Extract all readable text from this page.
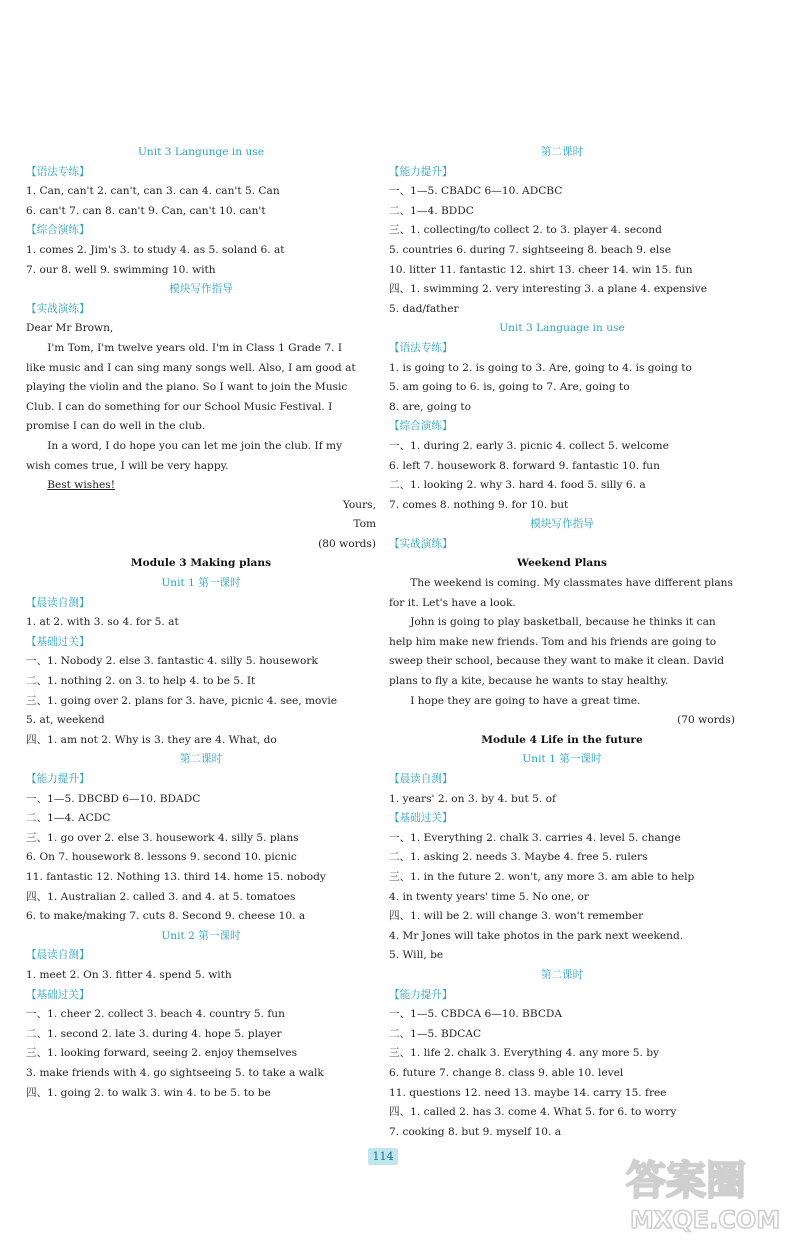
Unit 3 Langunge in use
【语法专练】
1. Can, can't 2. can't, can 3. can 4. can't 5. Can
6. can't 7. can 8. can't 9. Can, can't 10. can't
【综合演练】
1. comes 2. Jim's 3. to study 4. as 5. soland 6. at
7. our 8. well 9. swimming 10. with
模块写作指导
【实战演练】
Dear Mr Brown,
I'm Tom, I'm twelve years old. I'm in Class 1 Grade 7. I
like music and I can sing many songs well. Also, I am good at
playing the violin and the piano. So I want to join the Music
Club. I can do something for our School Music Festival. I
promise I can do well in the club.
In a word, I do hope you can let me join the club. If my
wish comes true, I will be very happy.
Best wishes!
Yours,
Tom
(80 words)
Module 3 Making plans
Unit 1 第一课时
【晨读自测】
1. at 2. with 3. so 4. for 5. at
【基础过关】
一、1. Nobody 2. else 3. fantastic 4. silly 5. housework
二、1. nothing 2. on 3. to help 4. to be 5. It
三、1. going over 2. plans for 3. have, picnic 4. see, movie
5. at, weekend
四、1. am not 2. Why is 3. they are 4. What, do
第二课时
【能力提升】
一、1—5. DBCBD 6—10. BDADC
二、1—4. ACDC
三、1. go over 2. else 3. housework 4. silly 5. plans
6. On 7. housework 8. lessons 9. second 10. picnic
11. fantastic 12. Nothing 13. third 14. home 15. nobody
四、1. Australian 2. called 3. and 4. at 5. tomatoes
6. to make/making 7. cuts 8. Second 9. cheese 10. a
Unit 2 第一课时
【晨读自测】
1. meet 2. On 3. fitter 4. spend 5. with
【基础过关】
一、1. cheer 2. collect 3. beach 4. country 5. fun
二、1. second 2. late 3. during 4. hope 5. player
三、1. looking forward, seeing 2. enjoy themselves
3. make friends with 4. go sightseeing 5. to take a walk
四、1. going 2. to walk 3. win 4. to be 5. to be
第二课时
【能力提升】
一、1—5. CBADC 6—10. ADCBC
二、1—4. BDDC
三、1. collecting/to collect 2. to 3. player 4. second
5. countries 6. during 7. sightseeing 8. beach 9. else
10. litter 11. fantastic 12. shirt 13. cheer 14. win 15. fun
四、1. swimming 2. very interesting 3. a plane 4. expensive
5. dad/father
Unit 3 Language in use
【语法专练】
1. is going to 2. is going to 3. Are, going to 4. is going to
5. am going to 6. is, going to 7. Are, going to
8. are, going to
【综合演练】
一、1. during 2. early 3. picnic 4. collect 5. welcome
6. left 7. housework 8. forward 9. fantastic 10. fun
二、1. looking 2. why 3. hard 4. food 5. silly 6. a
7. comes 8. nothing 9. for 10. but
模块写作指导
【实战演练】
Weekend Plans
The weekend is coming. My classmates have different plans
for it. Let's have a look.
John is going to play basketball, because he thinks it can
help him make new friends. Tom and his friends are going to
sweep their school, because they want to make it clean. David
plans to fly a kite, because he wants to stay healthy.
I hope they are going to have a great time.
(70 words)
Module 4 Life in the future
Unit 1 第一课时
【晨读自测】
1. years' 2. on 3. by 4. but 5. of
【基础过关】
一、1. Everything 2. chalk 3. carries 4. level 5. change
二、1. asking 2. needs 3. Maybe 4. free 5. rulers
三、1. in the future 2. won't, any more 3. am able to help
4. in twenty years' time 5. No one, or
四、1. will be 2. will change 3. won't remember
4. Mr Jones will take photos in the park next weekend.
5. Will, be
第二课时
【能力提升】
一、1—5. CBDCA 6—10. BBCDA
二、1—5. BDCAC
三、1. life 2. chalk 3. Everything 4. any more 5. by
6. future 7. change 8. class 9. able 10. level
11. questions 12. need 13. maybe 14. carry 15. free
四、1. called 2. has 3. come 4. What 5. for 6. to worry
7. cooking 8. but 9. myself 10. a
114
答案圈
MXQE.COM
